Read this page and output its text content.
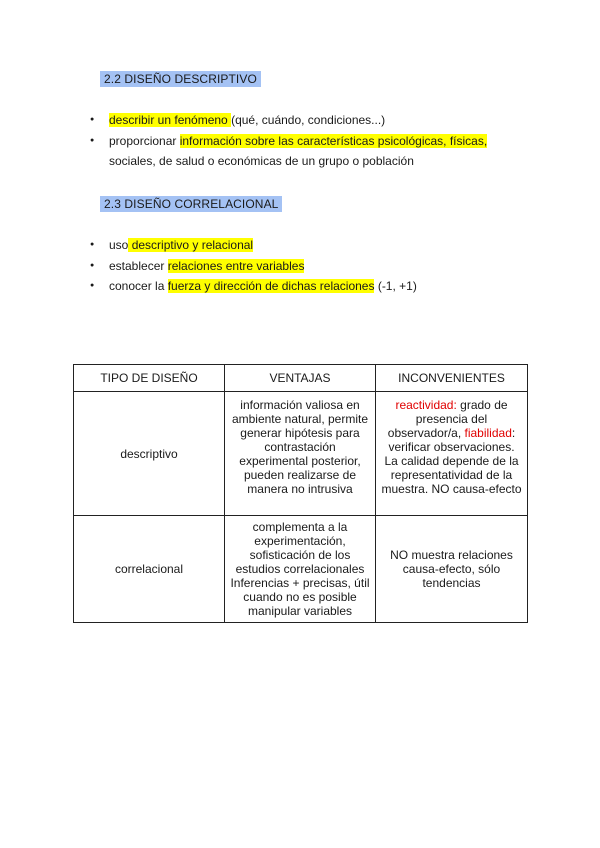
2.2 DISEÑO DESCRIPTIVO
● describir un fenómeno (qué, cuándo, condiciones...)
● proporcionar información sobre las características psicológicas, físicas, sociales, de salud o económicas de un grupo o población
2.3 DISEÑO CORRELACIONAL
● uso descriptivo y relacional
● establecer relaciones entre variables
● conocer la fuerza y dirección de dichas relaciones (-1, +1)
TIPO DE DISEÑO	VENTAJAS	INCONVENIENTES
descriptivo	información valiosa en ambiente natural, permite generar hipótesis para contrastación experimental posterior, pueden realizarse de manera no intrusiva	reactividad: grado de presencia del observador/a, fiabilidad: verificar observaciones. La calidad depende de la representatividad de la muestra. NO causa-efecto
correlacional	complementa a la experimentación, sofisticación de los estudios correlacionales Inferencias + precisas, útil cuando no es posible manipular variables	NO muestra relaciones causa-efecto, sólo tendencias
